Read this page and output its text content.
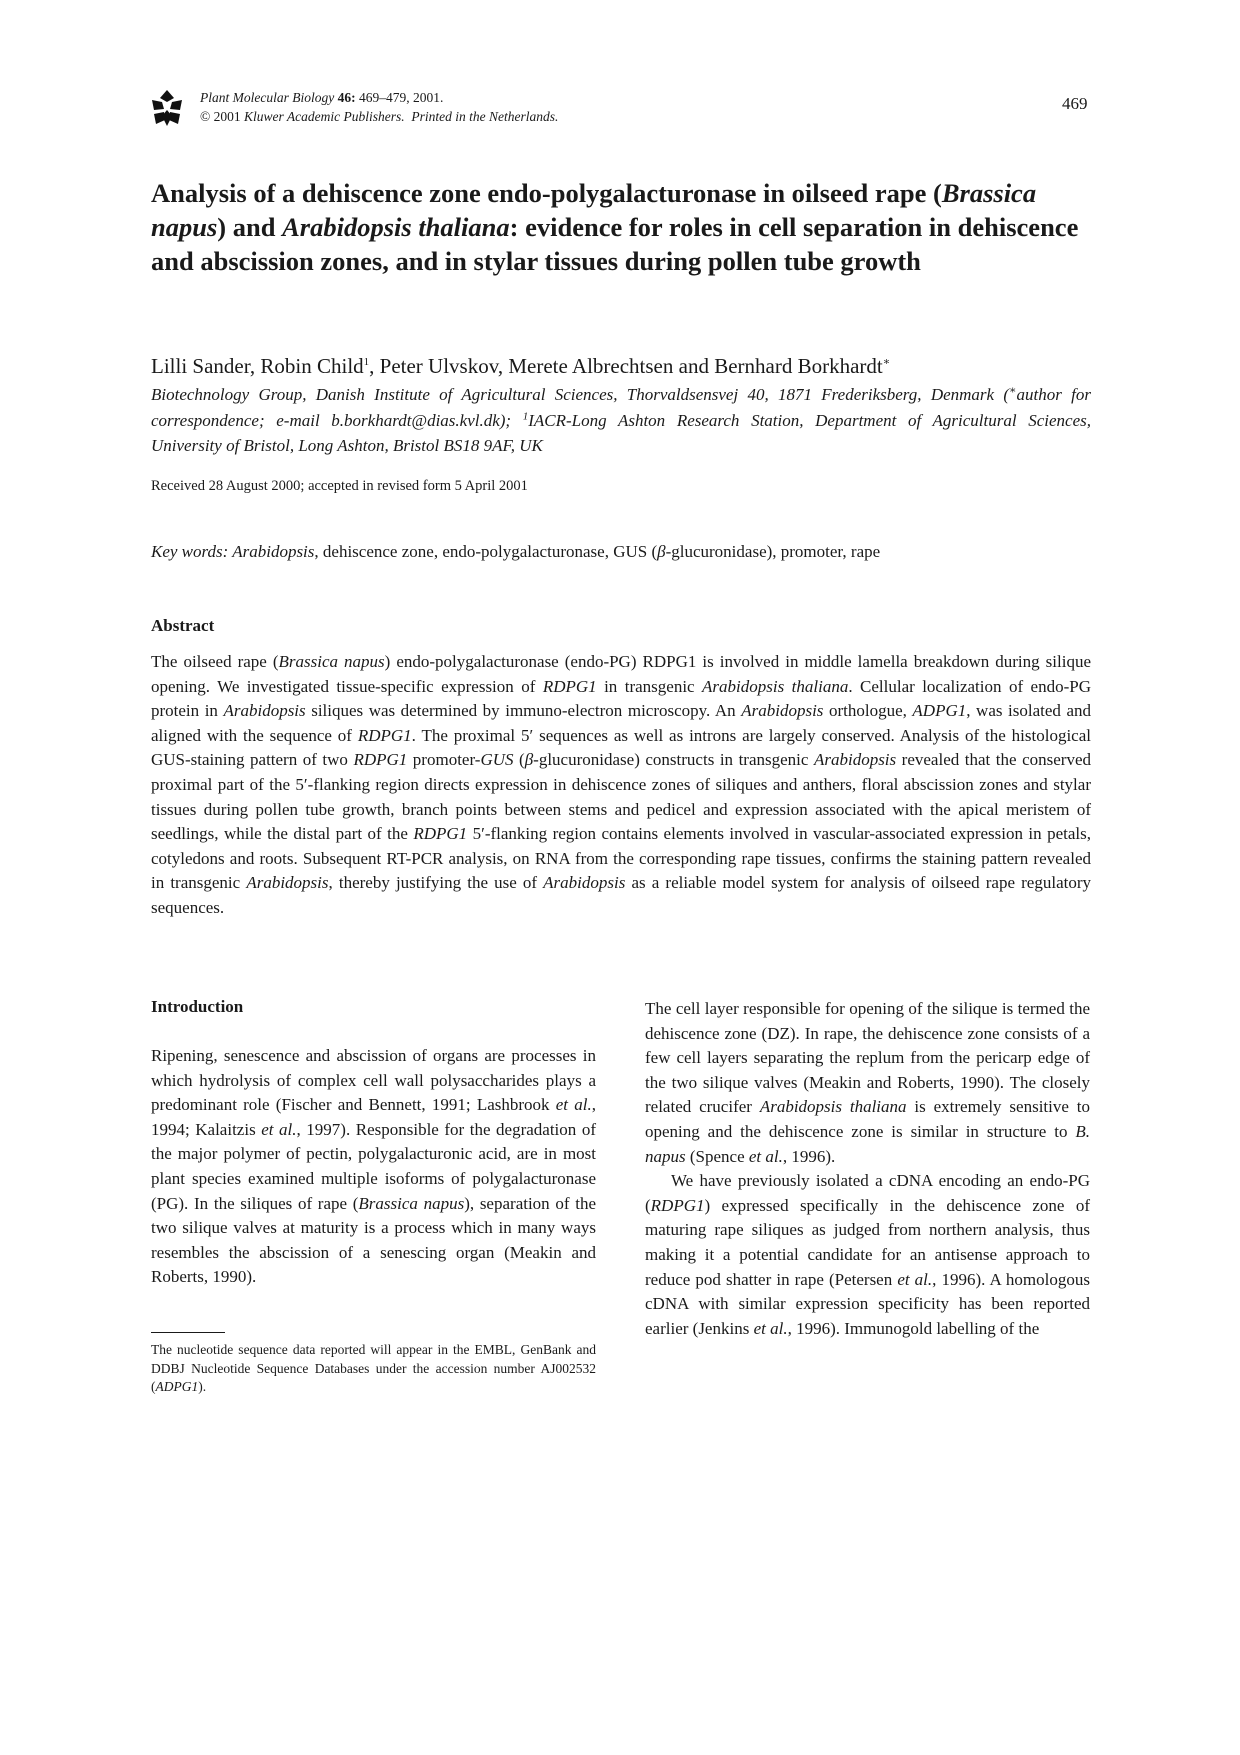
Plant Molecular Biology 46: 469–479, 2001.
© 2001 Kluwer Academic Publishers.  Printed in the Netherlands.
469
Analysis of a dehiscence zone endo-polygalacturonase in oilseed rape (Brassica napus) and Arabidopsis thaliana: evidence for roles in cell separation in dehiscence and abscission zones, and in stylar tissues during pollen tube growth
Lilli Sander, Robin Child$^1$, Peter Ulvskov, Merete Albrechtsen and Bernhard Borkhardt∗
Biotechnology Group, Danish Institute of Agricultural Sciences, Thorvaldsensvej 40, 1871 Frederiksberg, Denmark (∗author for correspondence; e-mail b.borkhardt@dias.kvl.dk); $^1$IACR-Long Ashton Research Station, Department of Agricultural Sciences, University of Bristol, Long Ashton, Bristol BS18 9AF, UK
Received 28 August 2000; accepted in revised form 5 April 2001
Key words: Arabidopsis, dehiscence zone, endo-polygalacturonase, GUS (β-glucuronidase), promoter, rape
Abstract

The oilseed rape (Brassica napus) endo-polygalacturonase (endo-PG) RDPG1 is involved in middle lamella breakdown during silique opening. We investigated tissue-specific expression of RDPG1 in transgenic Arabidopsis thaliana. Cellular localization of endo-PG protein in Arabidopsis siliques was determined by immuno-electron microscopy. An Arabidopsis orthologue, ADPG1, was isolated and aligned with the sequence of RDPG1. The proximal 5′ sequences as well as introns are largely conserved. Analysis of the histological GUS-staining pattern of two RDPG1 promoter-GUS (β-glucuronidase) constructs in transgenic Arabidopsis revealed that the conserved proximal part of the 5′-flanking region directs expression in dehiscence zones of siliques and anthers, floral abscission zones and stylar tissues during pollen tube growth, branch points between stems and pedicel and expression associated with the apical meristem of seedlings, while the distal part of the RDPG1 5′-flanking region contains elements involved in vascular-associated expression in petals, cotyledons and roots. Subsequent RT-PCR analysis, on RNA from the corresponding rape tissues, confirms the staining pattern revealed in transgenic Arabidopsis, thereby justifying the use of Arabidopsis as a reliable model system for analysis of oilseed rape regulatory sequences.

Introduction

Ripening, senescence and abscission of organs are processes in which hydrolysis of complex cell wall polysaccharides plays a predominant role (Fischer and Bennett, 1991; Lashbrook et al., 1994; Kalaitzis et al., 1997). Responsible for the degradation of the major polymer of pectin, polygalacturonic acid, are in most plant species examined multiple isoforms of polygalacturonase (PG). In the siliques of rape (Brassica napus), separation of the two silique valves at maturity is a process which in many ways resembles the abscission of a senescing organ (Meakin and Roberts, 1990).

The nucleotide sequence data reported will appear in the EMBL, GenBank and DDBJ Nucleotide Sequence Databases under the accession number AJ002532 (ADPG1).

The cell layer responsible for opening of the silique is termed the dehiscence zone (DZ). In rape, the dehiscence zone consists of a few cell layers separating the replum from the pericarp edge of the two silique valves (Meakin and Roberts, 1990). The closely related crucifer Arabidopsis thaliana is extremely sensitive to opening and the dehiscence zone is similar in structure to B. napus (Spence et al., 1996).

We have previously isolated a cDNA encoding an endo-PG (RDPG1) expressed specifically in the dehiscence zone of maturing rape siliques as judged from northern analysis, thus making it a potential candidate for an antisense approach to reduce pod shatter in rape (Petersen et al., 1996). A homologous cDNA with similar expression specificity has been reported earlier (Jenkins et al., 1996). Immunogold labelling of the
